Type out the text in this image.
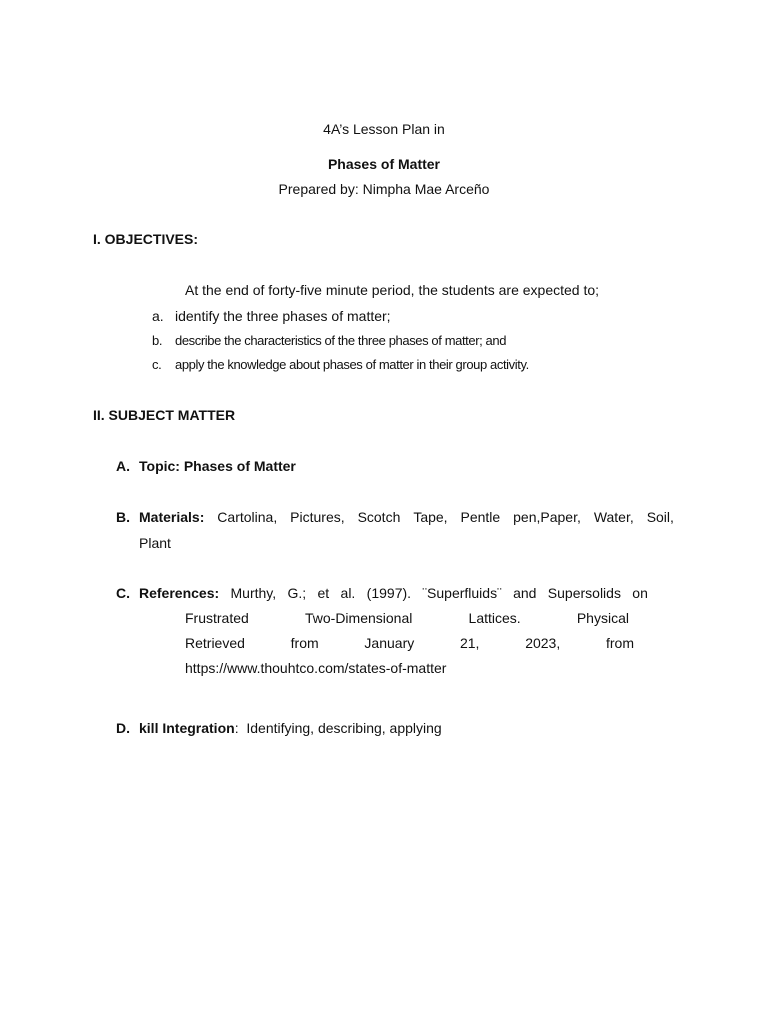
4A’s Lesson Plan in
Phases of Matter
Prepared by: Nimpha Mae Arceño
I. OBJECTIVES:
At the end of forty-five minute period, the students are expected to;
a. identify the three phases of matter;
b. describe the characteristics of the three phases of matter; and
c. apply the knowledge about phases of matter in their group activity.
II. SUBJECT MATTER
A. Topic: Phases of Matter
B. Materials: Cartolina, Pictures, Scotch Tape, Pentle pen,Paper, Water, Soil,
Plant
C. References: Murthy, G.; et al. (1997). ¨Superfluids¨ and Supersolids on
Frustrated	Two-Dimensional	Lattices.	Physical
Retrieved	from	January	21,	2023,	from
https://www.thouhtco.com/states-of-matter
D. kill Integration:  Identifying, describing, applying
